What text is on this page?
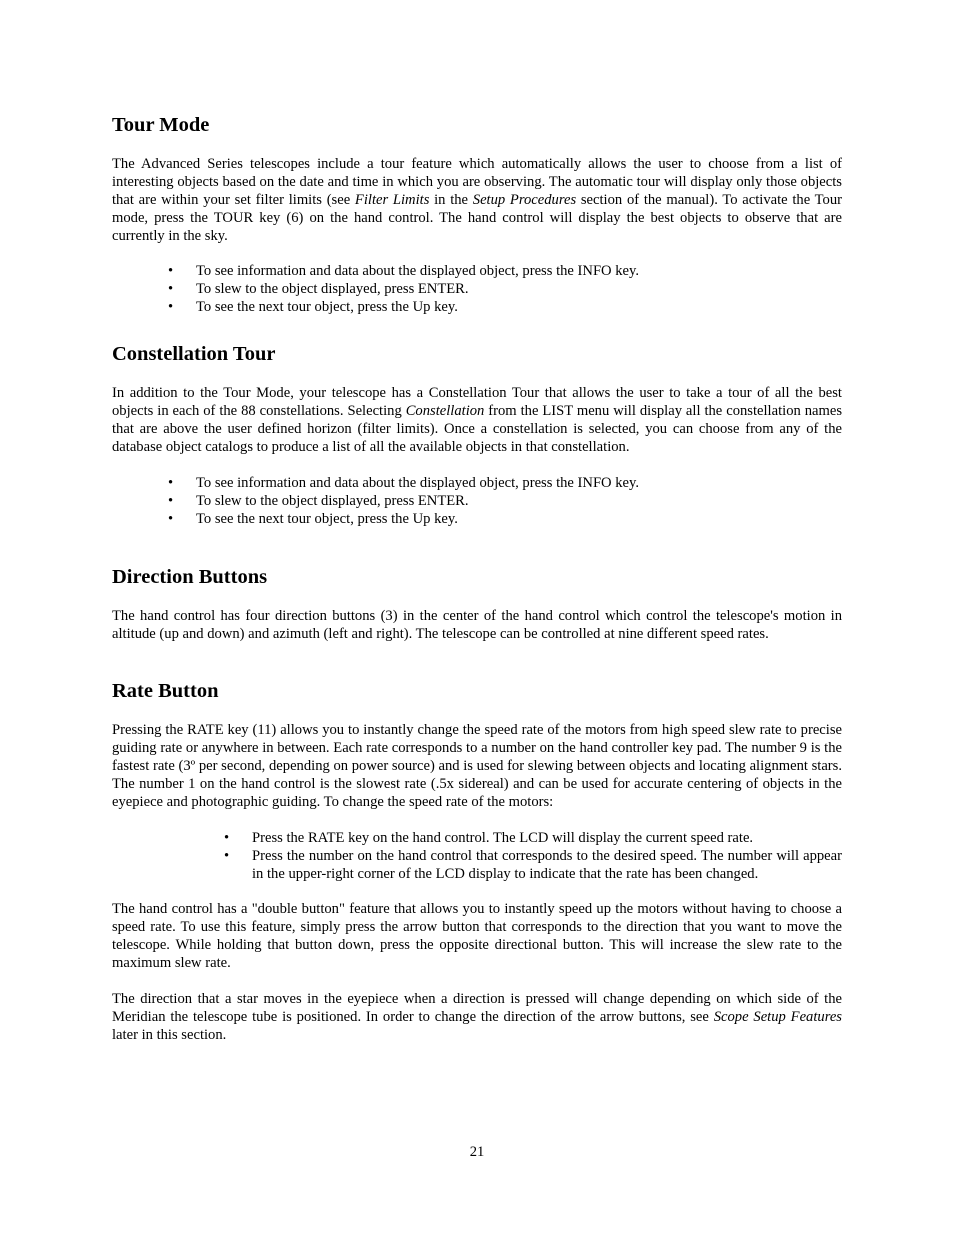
Tour Mode

The Advanced Series telescopes include a tour feature which automatically allows the user to choose from a list of interesting objects based on the date and time in which you are observing. The automatic tour will display only those objects that are within your set filter limits (see Filter Limits in the Setup Procedures section of the manual). To activate the Tour mode, press the TOUR key (6) on the hand control. The hand control will display the best objects to observe that are currently in the sky.

•	To see information and data about the displayed object, press the INFO key.
•	To slew to the object displayed, press ENTER.
•	To see the next tour object, press the Up key.
Constellation Tour

In addition to the Tour Mode, your telescope has a Constellation Tour that allows the user to take a tour of all the best objects in each of the 88 constellations. Selecting Constellation from the LIST menu will display all the constellation names that are above the user defined horizon (filter limits). Once a constellation is selected, you can choose from any of the database object catalogs to produce a list of all the available objects in that constellation.

•	To see information and data about the displayed object, press the INFO key.
•	To slew to the object displayed, press ENTER.
•	To see the next tour object, press the Up key.
Direction Buttons

The hand control has four direction buttons (3) in the center of the hand control which control the telescope's motion in altitude (up and down) and azimuth (left and right). The telescope can be controlled at nine different speed rates.

Rate Button

Pressing the RATE key (11) allows you to instantly change the speed rate of the motors from high speed slew rate to precise guiding rate or anywhere in between. Each rate corresponds to a number on the hand controller key pad. The number 9 is the fastest rate (3º per second, depending on power source) and is used for slewing between objects and locating alignment stars. The number 1 on the hand control is the slowest rate (.5x sidereal) and can be used for accurate centering of objects in the eyepiece and photographic guiding. To change the speed rate of the motors:

•	Press the RATE key on the hand control. The LCD will display the current speed rate.
•	Press the number on the hand control that corresponds to the desired speed. The number will appear in the upper-right corner of the LCD display to indicate that the rate has been changed.

The hand control has a "double button" feature that allows you to instantly speed up the motors without having to choose a speed rate. To use this feature, simply press the arrow button that corresponds to the direction that you want to move the telescope. While holding that button down, press the opposite directional button. This will increase the slew rate to the maximum slew rate.

The direction that a star moves in the eyepiece when a direction is pressed will change depending on which side of the Meridian the telescope tube is positioned. In order to change the direction of the arrow buttons, see Scope Setup Features later in this section.

21
